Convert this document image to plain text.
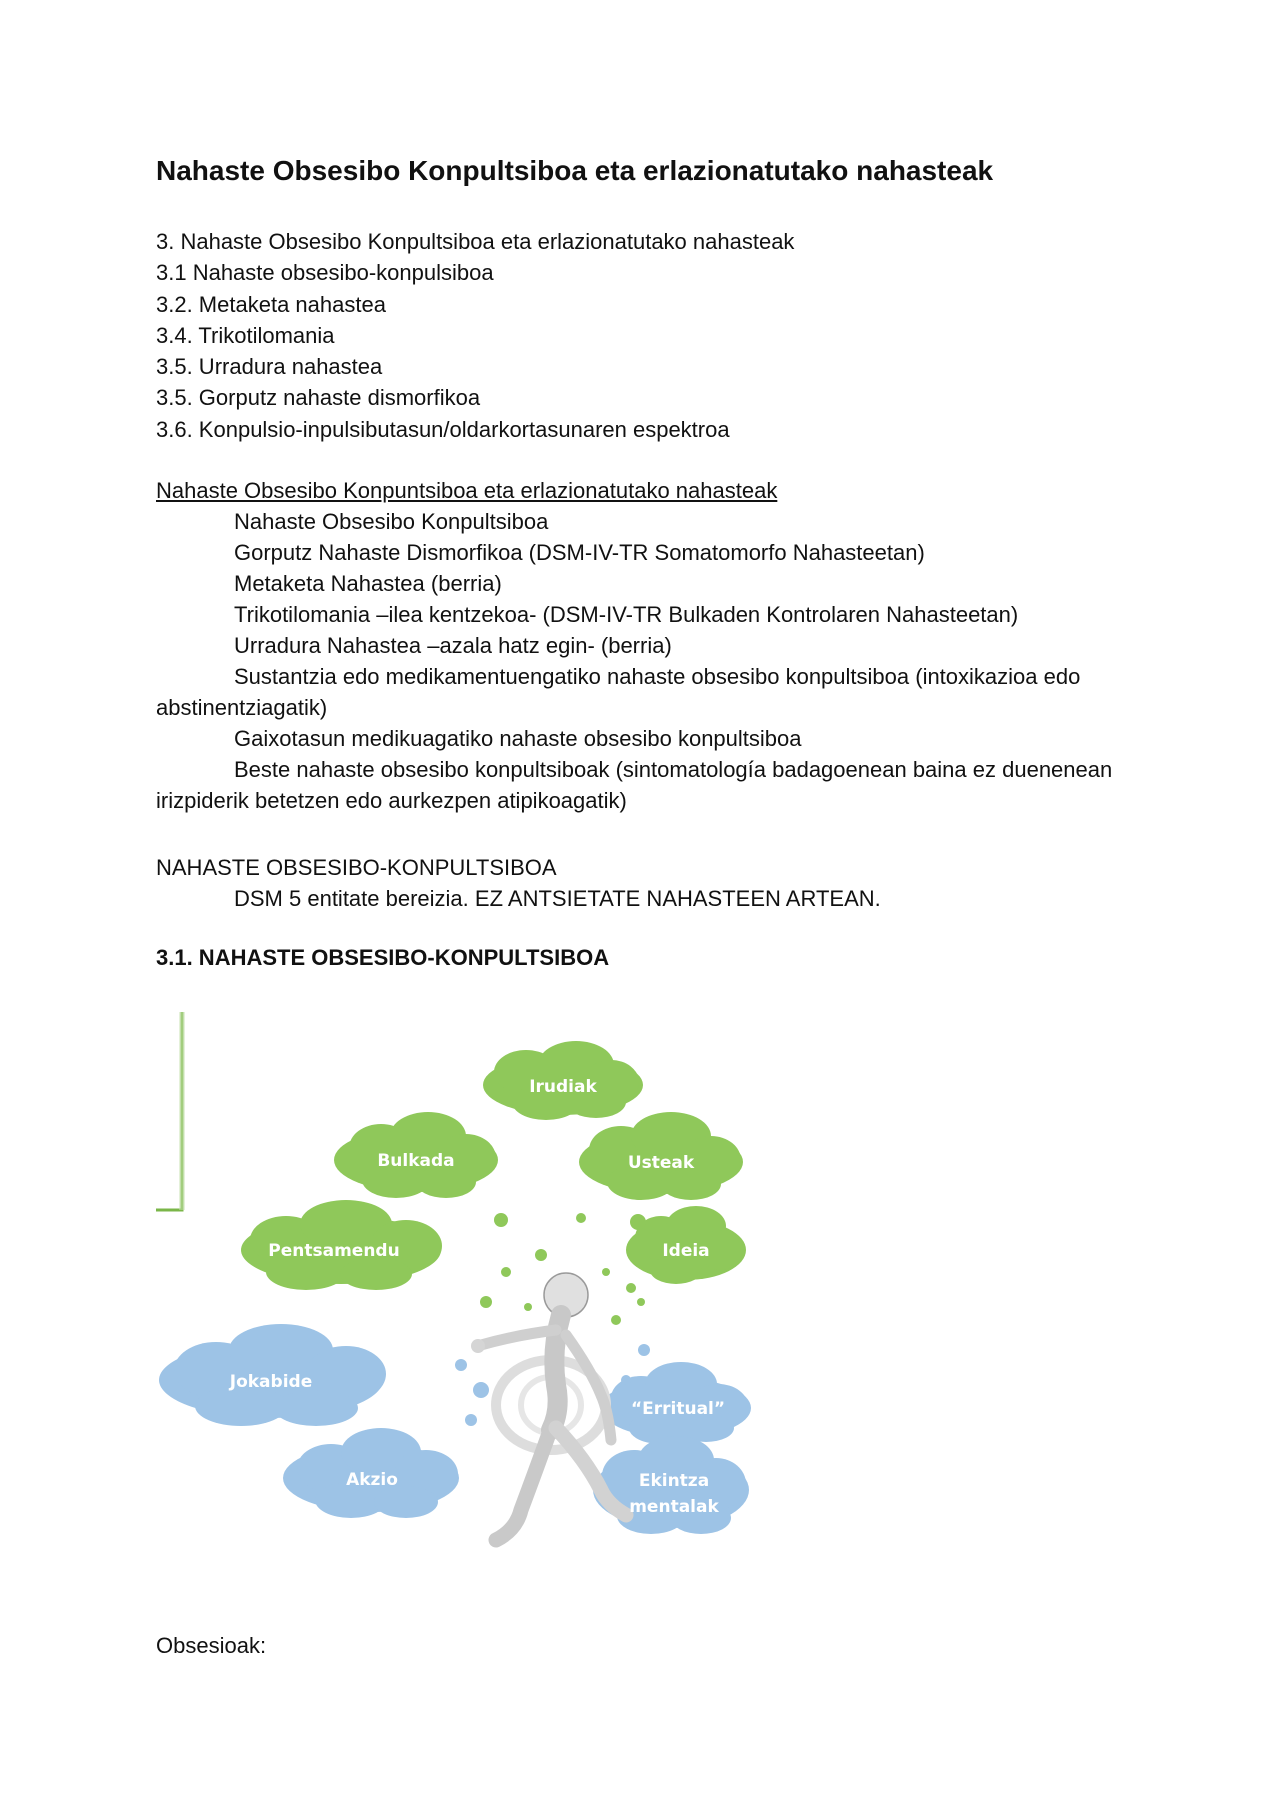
Nahaste Obsesibo Konpultsiboa eta erlazionatutako nahasteak
3. Nahaste Obsesibo Konpultsiboa eta erlazionatutako nahasteak
3.1 Nahaste obsesibo-konpulsiboa
3.2. Metaketa nahastea
3.4. Trikotilomania
3.5. Urradura nahastea
3.5. Gorputz nahaste dismorfikoa
3.6. Konpulsio-inpulsibutasun/oldarkortasunaren espektroa
Nahaste Obsesibo Konpuntsiboa eta erlazionatutako nahasteak
Nahaste Obsesibo Konpultsiboa
Gorputz Nahaste Dismorfikoa (DSM-IV-TR Somatomorfo Nahasteetan)
Metaketa Nahastea (berria)
Trikotilomania –ilea kentzekoa- (DSM-IV-TR Bulkaden Kontrolaren Nahasteetan)
Urradura Nahastea –azala hatz egin- (berria)
Sustantzia edo medikamentuengatiko nahaste obsesibo konpultsiboa (intoxikazioa edo abstinentziagatik)
Gaixotasun medikuagatiko nahaste obsesibo konpultsiboa
Beste nahaste obsesibo konpultsiboak (sintomatología badagoenean baina ez duenenean irizpiderik betetzen edo aurkezpen atipikoagatik)
NAHASTE OBSESIBO-KONPULTSIBOA
DSM 5 entitate bereizia. EZ ANTSIETATE NAHASTEEN ARTEAN.
3.1. NAHASTE OBSESIBO-KONPULTSIBOA
Irudiak
Bulkada	Usteak
Pentsamendu	Ideia
Jokabide
“Erritual”
Akzio	Ekintza
mentalak
Obsesioak:
